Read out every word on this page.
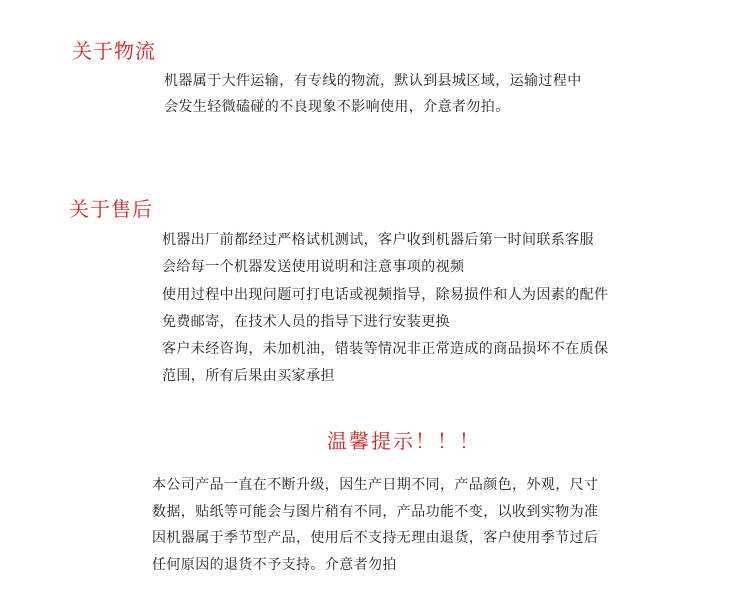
关于物流

机器属于大件运输，有专线的物流，默认到县城区域，运输过程中
会发生轻微磕碰的不良现象不影响使用，介意者勿拍。

关于售后

机器出厂前都经过严格试机测试，客户收到机器后第一时间联系客服
会给每一个机器发送使用说明和注意事项的视频
使用过程中出现问题可打电话或视频指导，除易损件和人为因素的配件
免费邮寄，在技术人员的指导下进行安装更换
客户未经咨询，未加机油，错装等情况非正常造成的商品损坏不在质保
范围，所有后果由买家承担

温馨提示！！！

本公司产品一直在不断升级，因生产日期不同，产品颜色，外观，尺寸
数据，贴纸等可能会与图片稍有不同，产品功能不变，以收到实物为准
因机器属于季节型产品，使用后不支持无理由退货，客户使用季节过后
任何原因的退货不予支持。介意者勿拍
